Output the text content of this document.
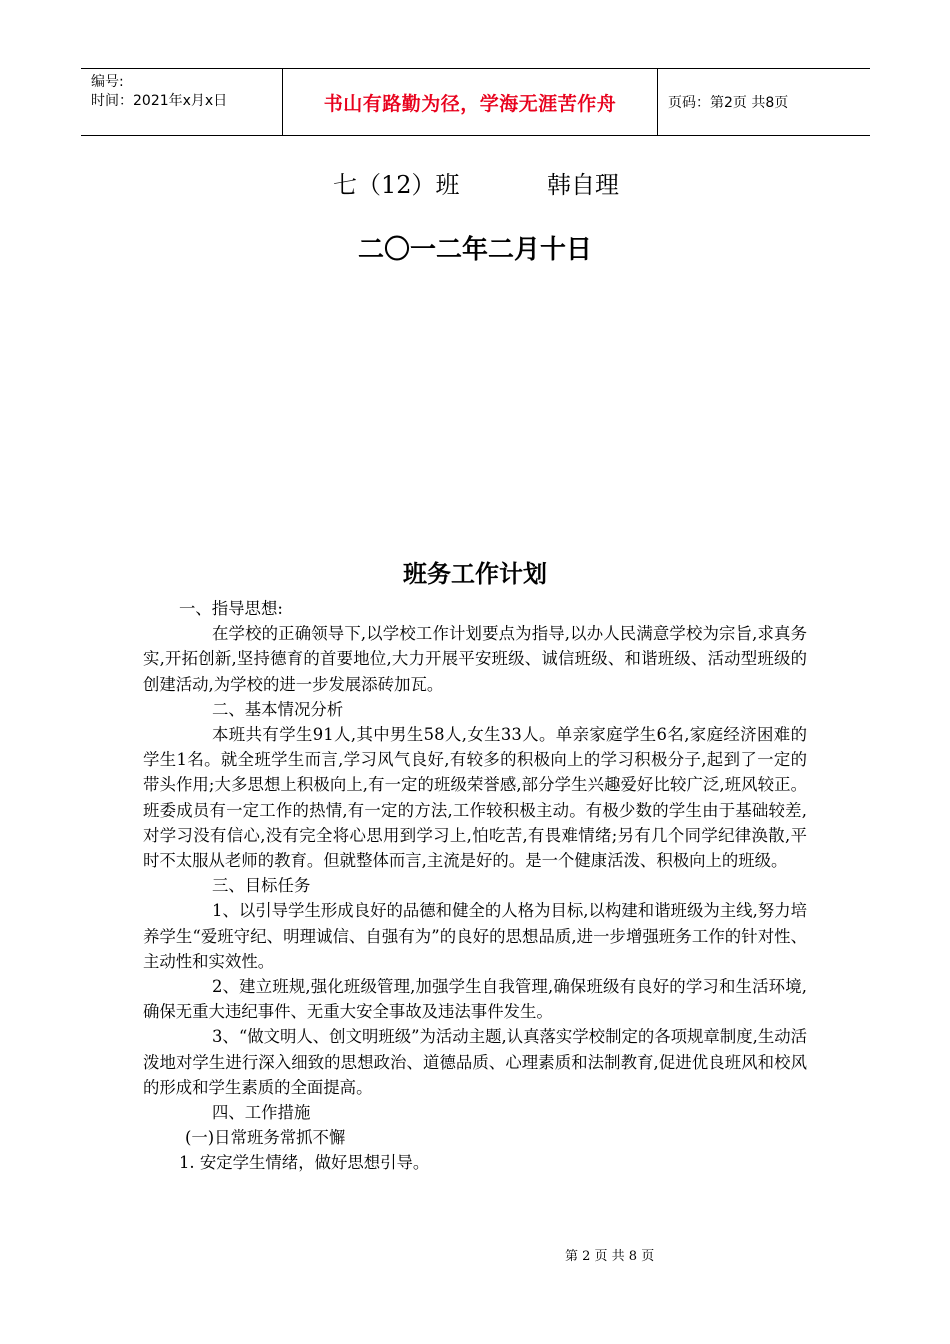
编号:
时间：2021年x月x日	书山有路勤为径，学海无涯苦作舟	页码：第2页 共8页
七（12）班	韩自理
二〇一二年二月十日
班务工作计划

一、指导思想:

在学校的正确领导下,以学校工作计划要点为指导,以办人民满意学校为宗旨,求真务实,开拓创新,坚持德育的首要地位,大力开展平安班级、诚信班级、和谐班级、活动型班级的创建活动,为学校的进一步发展添砖加瓦。

二、基本情况分析

本班共有学生91人,其中男生58人,女生33人。单亲家庭学生6名,家庭经济困难的学生1名。就全班学生而言,学习风气良好,有较多的积极向上的学习积极分子,起到了一定的带头作用;大多思想上积极向上,有一定的班级荣誉感,部分学生兴趣爱好比较广泛,班风较正。班委成员有一定工作的热情,有一定的方法,工作较积极主动。有极少数的学生由于基础较差,对学习没有信心,没有完全将心思用到学习上,怕吃苦,有畏难情绪;另有几个同学纪律涣散,平时不太服从老师的教育。但就整体而言,主流是好的。是一个健康活泼、积极向上的班级。

三、目标任务

1、以引导学生形成良好的品德和健全的人格为目标,以构建和谐班级为主线,努力培养学生“爱班守纪、明理诚信、自强有为”的良好的思想品质,进一步增强班务工作的针对性、主动性和实效性。

2、建立班规,强化班级管理,加强学生自我管理,确保班级有良好的学习和生活环境,确保无重大违纪事件、无重大安全事故及违法事件发生。

3、“做文明人、创文明班级”为活动主题,认真落实学校制定的各项规章制度,生动活泼地对学生进行深入细致的思想政治、道德品质、心理素质和法制教育,促进优良班风和校风的形成和学生素质的全面提高。

四、工作措施

(一)日常班务常抓不懈

1. 安定学生情绪，做好思想引导。

第 2 页 共 8 页
